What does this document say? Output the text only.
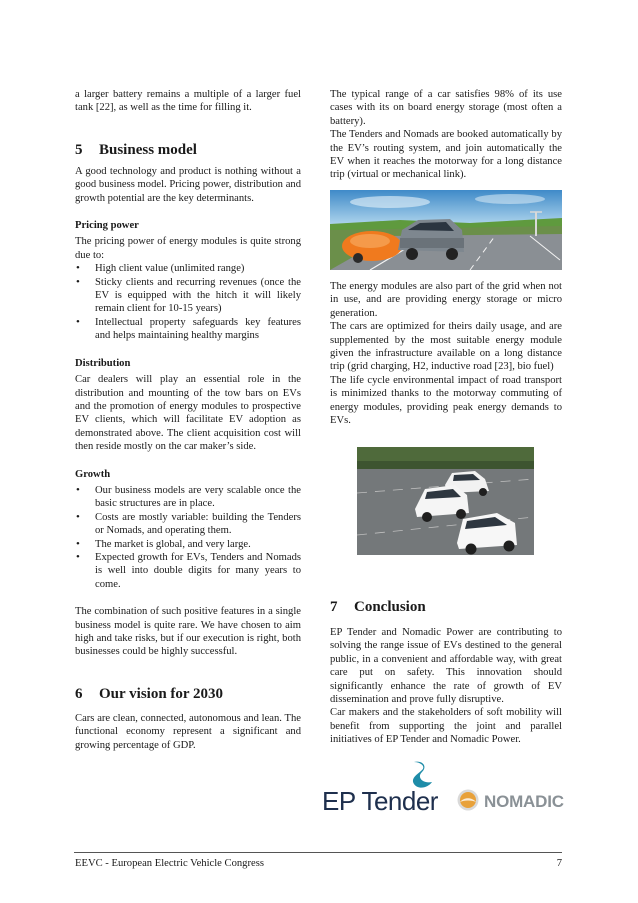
a larger battery remains a multiple of a larger fuel tank [22], as well as the time for filling it.

5 Business model

A good technology and product is nothing without a good business model. Pricing power, distribution and growth potential are the key determinants.

Pricing power

The pricing power of energy modules is quite strong due to:

• High client value (unlimited range)
• Sticky clients and recurring revenues (once the EV is equipped with the hitch it will likely remain client for 10-15 years)
• Intellectual property safeguards key features and helps maintaining healthy margins
Distribution

Car dealers will play an essential role in the distribution and mounting of the tow bars on EVs and the promotion of energy modules to prospective EV clients, which will facilitate EV adoption as demonstrated above. The client acquisition cost will then reside mostly on the car maker’s side.

Growth
• Our business models are very scalable once the basic structures are in place.
• Costs are mostly variable: building the Tenders or Nomads, and operating them.
• The market is global, and very large.
• Expected growth for EVs, Tenders and Nomads is well into double digits for many years to come.

The combination of such positive features in a single business model is quite rare. We have chosen to aim high and take risks, but if our execution is right, both businesses could be highly successful.

6 Our vision for 2030

Cars are clean, connected, autonomous and lean. The functional economy represent a significant and growing percentage of GDP.

The typical range of a car satisfies 98% of its use cases with its on board energy storage (most often a battery).

The Tenders and Nomads are booked automatically by the EV’s routing system, and join automatically the EV when it reaches the motorway for a long distance trip (virtual or mechanical link).

The energy modules are also part of the grid when not in use, and are providing energy storage or micro generation.

The cars are optimized for theirs daily usage, and are supplemented by the most suitable energy module given the infrastructure available on a long distance trip (grid charging, H2, inductive road [23], bio fuel)

The life cycle environmental impact of road transport is minimized thanks to the motorway commuting of energy modules, providing peak energy demands to EVs.

7 Conclusion

EP Tender and Nomadic Power are contributing to solving the range issue of EVs destined to the general public, in a convenient and affordable way, with great care put on safety. This innovation should significantly enhance the rate of growth of EV dissemination and prove fully disruptive.

Car makers and the stakeholders of soft mobility will benefit from supporting the joint and parallel initiatives of EP Tender and Nomadic Power.

EP Tender	NOMADIC
EEVC - European Electric Vehicle Congress	7
